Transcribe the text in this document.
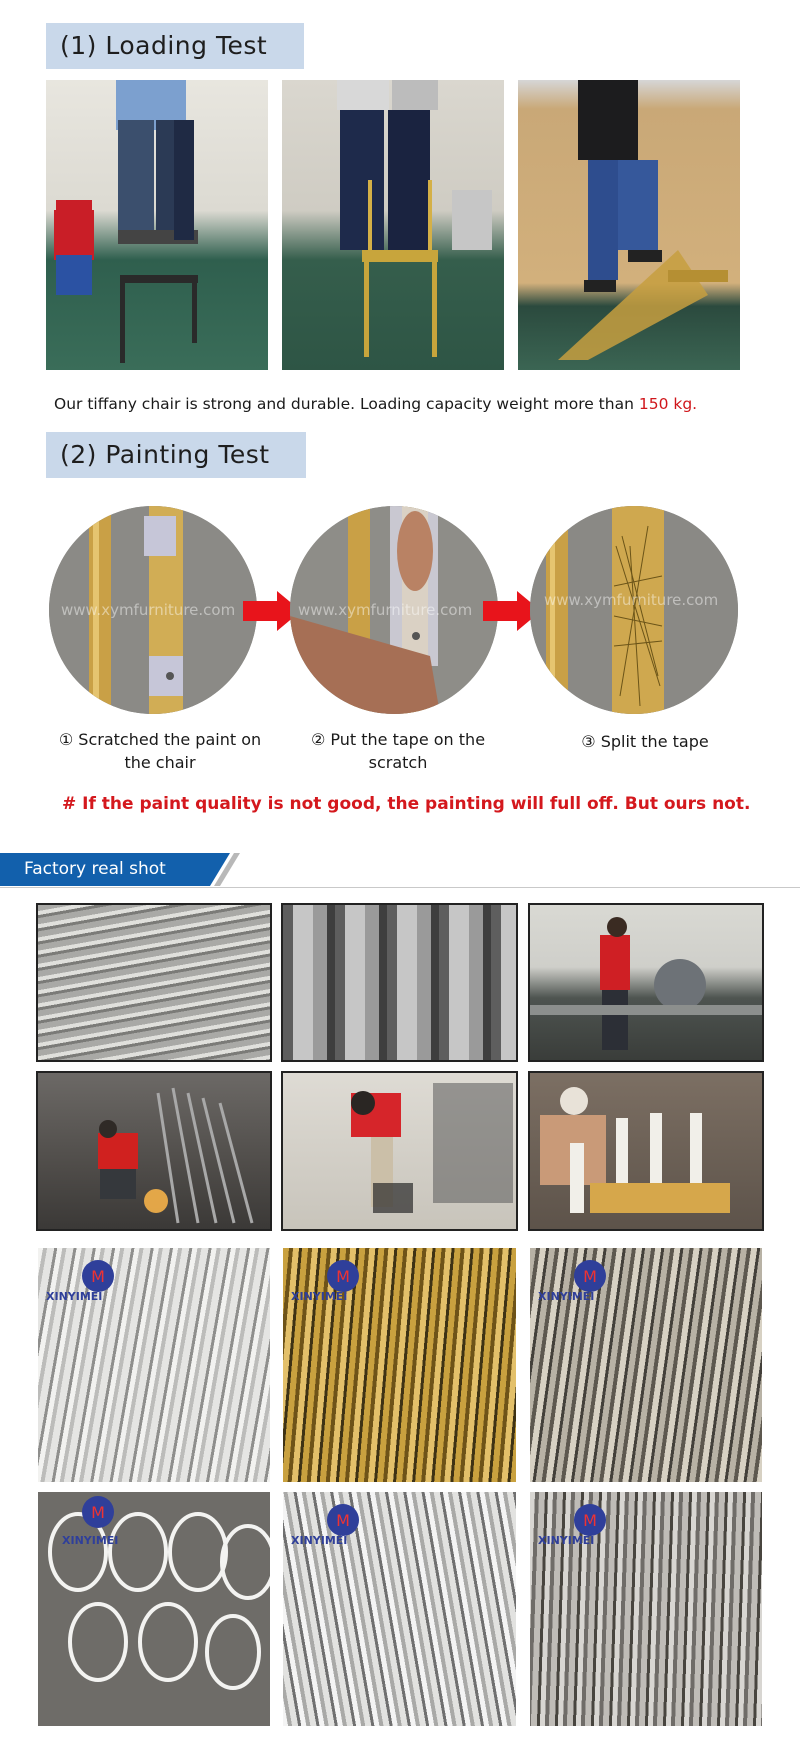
(1) Loading Test
Our tiffany chair is strong and durable. Loading capacity weight more than 150 kg.
(2) Painting Test
www.xymfurniture.com	www.xymfurniture.com
www.xymfurniture.com
① Scratched the paint on the chair
② Put the tape on the scratch
③ Split the tape
# If the paint quality is not good, the painting will full off. But ours not.
Factory real shot
M
XINYIMEI
M
XINYIMEI
M
XINYIMEI
M
XINYIMEI
M
XINYIMEI
M
XINYIMEI
